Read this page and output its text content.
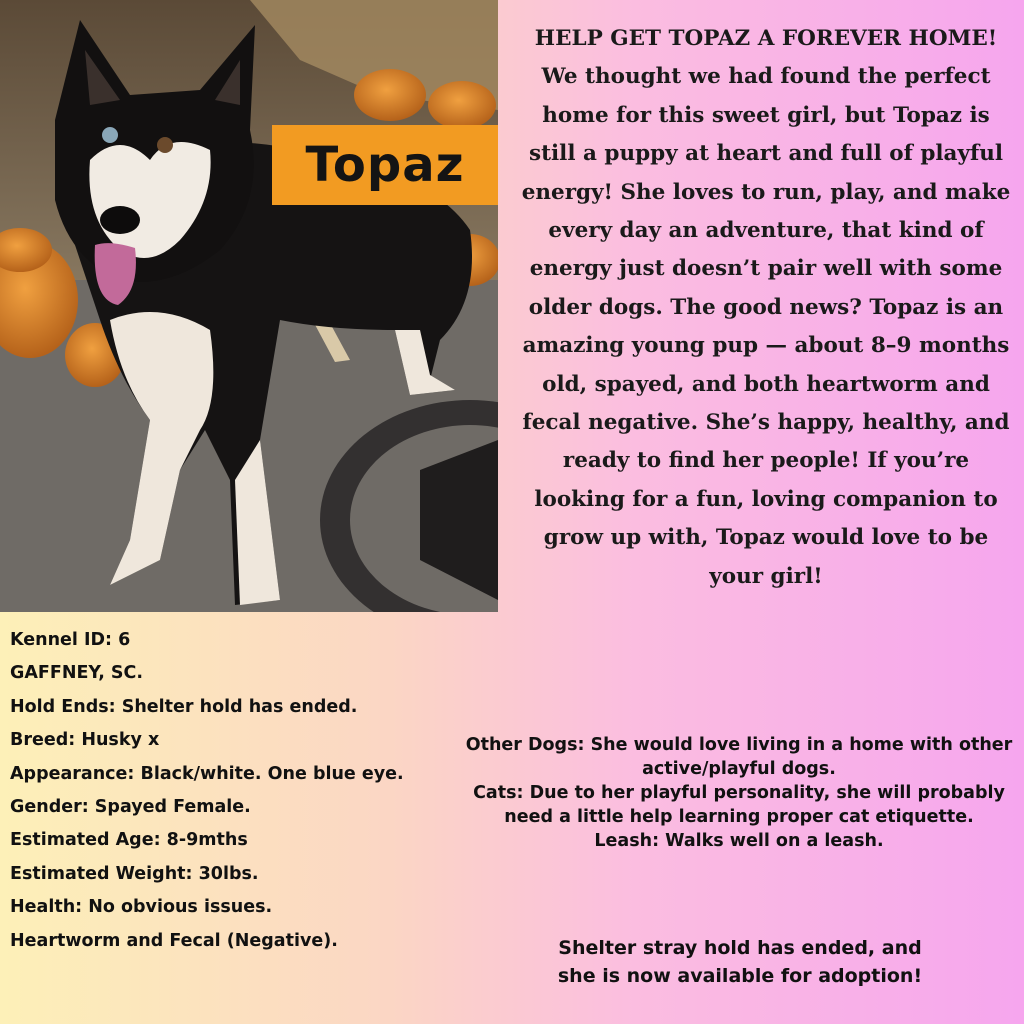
Topaz
HELP GET TOPAZ A FOREVER HOME! We thought we had found the perfect home for this sweet girl, but Topaz is still a puppy at heart and full of playful energy! She loves to run, play, and make every day an adventure, that kind of energy just doesn’t pair well with some older dogs. The good news? Topaz is an amazing young pup — about 8–9 months old, spayed, and both heartworm and fecal negative. She’s happy, healthy, and ready to find her people! If you’re looking for a fun, loving companion to grow up with, Topaz would love to be your girl!

Other Dogs: She would love living in a home with other active/playful dogs.

Cats: Due to her playful personality, she will probably need a little help learning proper cat etiquette.

Leash: Walks well on a leash.

Shelter stray hold has ended, and
she is now available for adoption!
Kennel ID: 6
GAFFNEY, SC.
Hold Ends: Shelter hold has ended.
Breed: Husky x
Appearance: Black/white. One blue eye.
Gender: Spayed Female.
Estimated Age: 8-9mths
Estimated Weight: 30lbs.
Health: No obvious issues.
Heartworm and Fecal (Negative).
